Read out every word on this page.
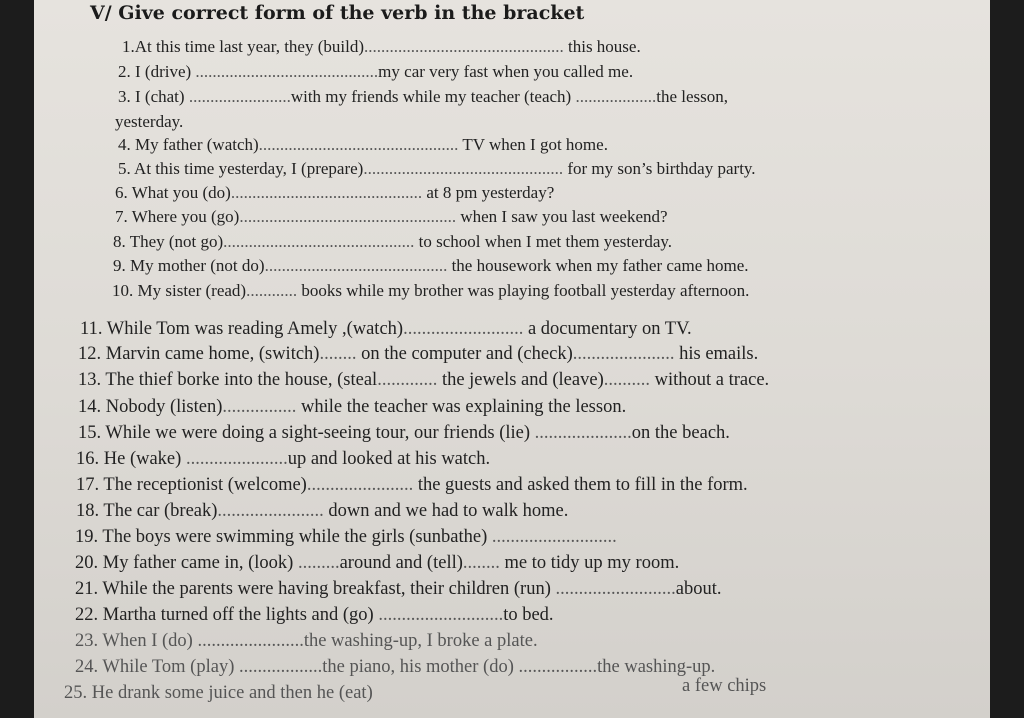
V/ Give correct form of the verb in the bracket
1.At this time last year, they (build)............................................... this house.
2. I (drive) ...........................................my car very fast when you called me.
3. I (chat) ........................with my friends while my teacher (teach) ...................the lesson,
yesterday.
4. My father (watch)............................................... TV when I got home.
5. At this time yesterday, I (prepare)............................................... for my son’s birthday party.
6. What you (do)............................................. at 8 pm yesterday?
7. Where you (go)................................................... when I saw you last weekend?
8. They (not go)............................................. to school when I met them yesterday.
9. My mother (not do)........................................... the housework when my father came home.
10. My sister (read)............ books while my brother was playing football yesterday afternoon.
11. While Tom was reading Amely ,(watch).......................... a documentary on TV.
12. Marvin came home, (switch)........ on the computer and (check)...................... his emails.
13. The thief borke into the house, (steal............. the jewels and (leave).......... without a trace.
14. Nobody (listen)................ while the teacher was explaining the lesson.
15. While we were doing a sight-seeing tour, our friends (lie) .....................on the beach.
16. He (wake) ......................up and looked at his watch.
17. The receptionist (welcome)....................... the guests and asked them to fill in the form.
18. The car (break)....................... down and we had to walk home.
19. The boys were swimming while the girls (sunbathe) ...........................
20. My father came in, (look) .........around and (tell)........ me to tidy up my room.
21. While the parents were having breakfast, their children (run) ..........................about.
22. Martha turned off the lights and (go) ...........................to bed.
23. When I (do) .......................the washing-up, I broke a plate.
24. While Tom (play) ..................the piano, his mother (do) .................the washing-up.
25. He drank some juice and then he (eat)	a few chips
